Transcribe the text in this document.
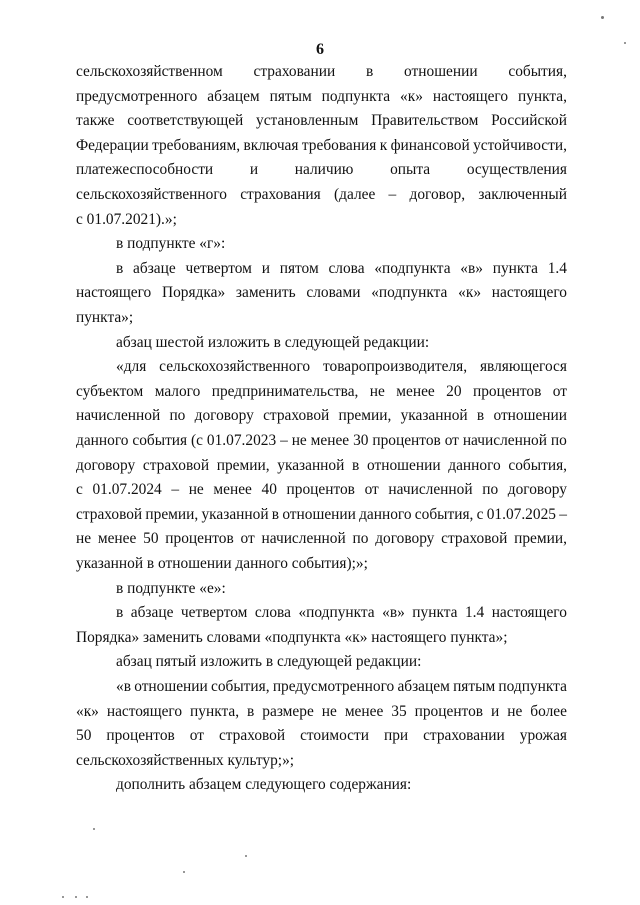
6
сельскохозяйственном страховании в отношении события,
предусмотренного абзацем пятым подпункта «к» настоящего пункта,
также соответствующей установленным Правительством Российской
Федерации требованиям, включая требования к финансовой устойчивости,
платежеспособности и наличию опыта осуществления
сельскохозяйственного страхования (далее – договор, заключенный
с 01.07.2021).»;
в подпункте «г»:
в абзаце четвертом и пятом слова «подпункта «в» пункта 1.4
настоящего Порядка» заменить словами «подпункта «к» настоящего
пункта»;
абзац шестой изложить в следующей редакции:
«для сельскохозяйственного товаропроизводителя, являющегося
субъектом малого предпринимательства, не менее 20 процентов от
начисленной по договору страховой премии, указанной в отношении
данного события (с 01.07.2023 – не менее 30 процентов от начисленной по
договору страховой премии, указанной в отношении данного события,
с 01.07.2024 – не менее 40 процентов от начисленной по договору
страховой премии, указанной в отношении данного события, с 01.07.2025 –
не менее 50 процентов от начисленной по договору страховой премии,
указанной в отношении данного события);»;
в подпункте «е»:
в абзаце четвертом слова «подпункта «в» пункта 1.4 настоящего
Порядка» заменить словами «подпункта «к» настоящего пункта»;
абзац пятый изложить в следующей редакции:
«в отношении события, предусмотренного абзацем пятым подпункта
«к» настоящего пункта, в размере не менее 35 процентов и не более
50 процентов от страховой стоимости при страховании урожая
сельскохозяйственных культур;»;
дополнить абзацем следующего содержания:
